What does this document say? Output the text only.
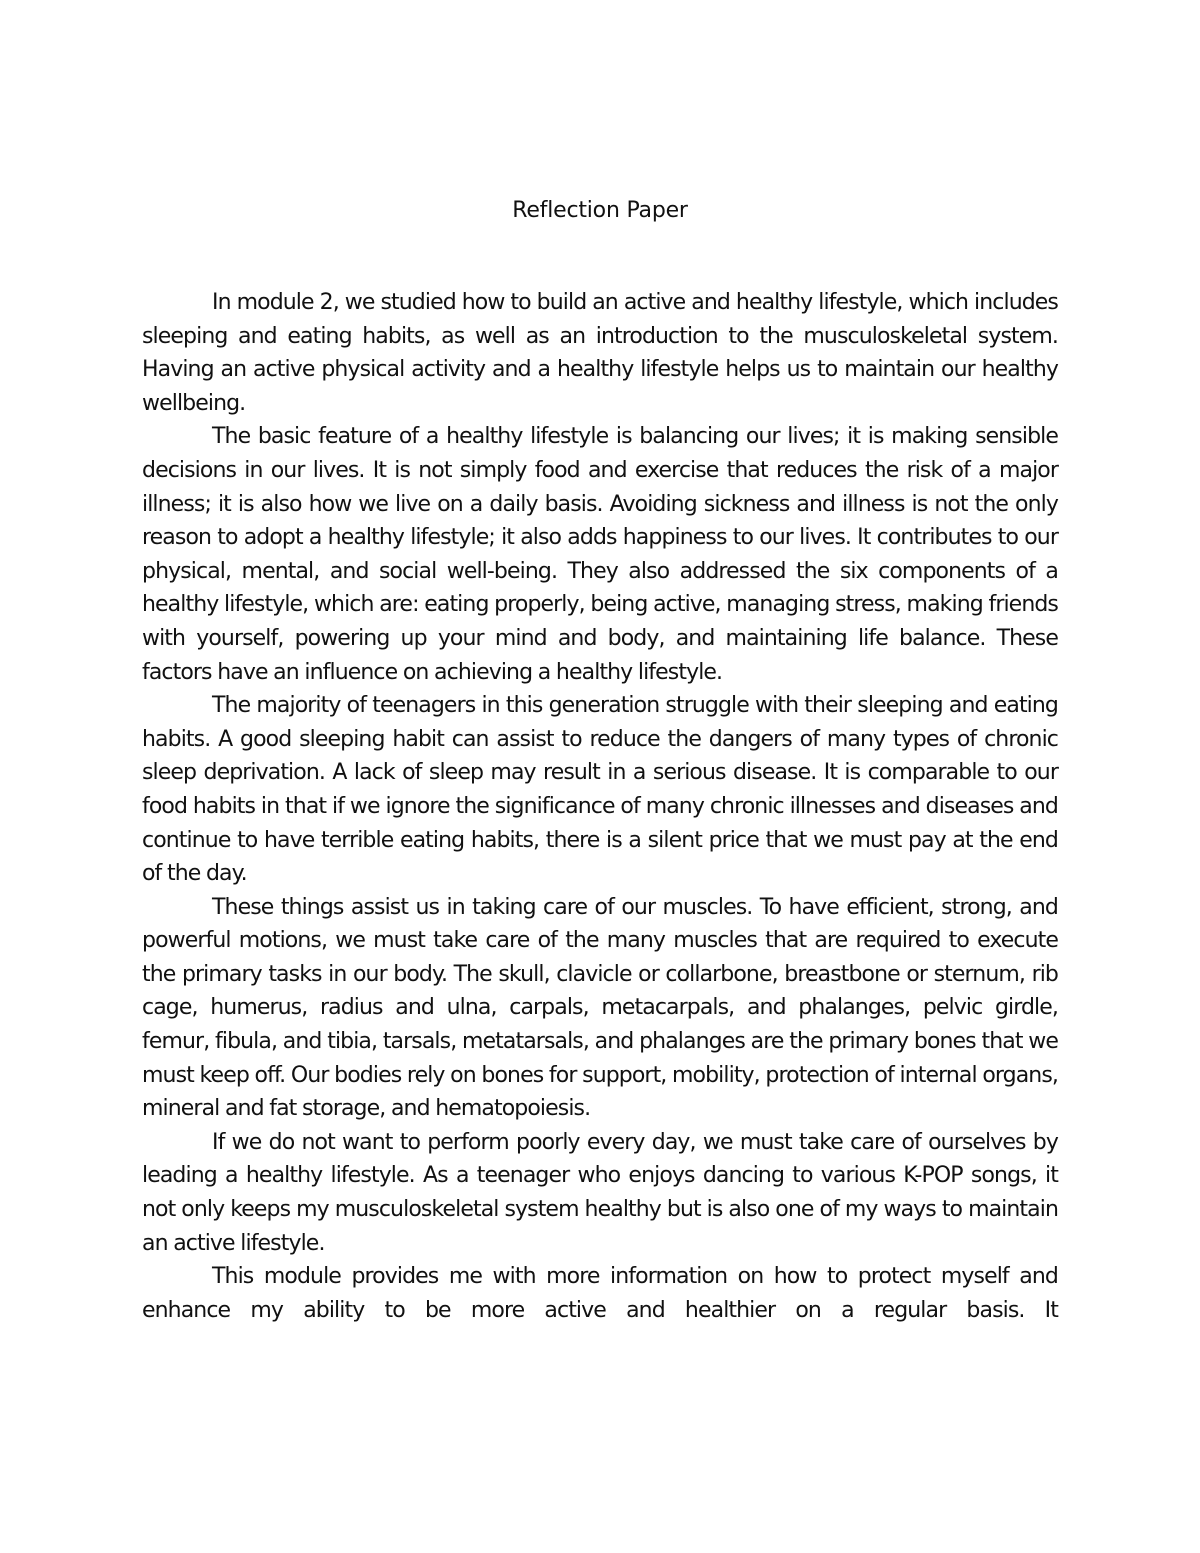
Reflection Paper

In module 2, we studied how to build an active and healthy lifestyle, which includes sleeping and eating habits, as well as an introduction to the musculoskeletal system. Having an active physical activity and a healthy lifestyle helps us to maintain our healthy wellbeing.

The basic feature of a healthy lifestyle is balancing our lives; it is making sensible decisions in our lives. It is not simply food and exercise that reduces the risk of a major illness; it is also how we live on a daily basis. Avoiding sickness and illness is not the only reason to adopt a healthy lifestyle; it also adds happiness to our lives. It contributes to our physical, mental, and social well-being. They also addressed the six components of a healthy lifestyle, which are: eating properly, being active, managing stress, making friends with yourself, powering up your mind and body, and maintaining life balance. These factors have an influence on achieving a healthy lifestyle.

The majority of teenagers in this generation struggle with their sleeping and eating habits. A good sleeping habit can assist to reduce the dangers of many types of chronic sleep deprivation. A lack of sleep may result in a serious disease. It is comparable to our food habits in that if we ignore the significance of many chronic illnesses and diseases and continue to have terrible eating habits, there is a silent price that we must pay at the end of the day.

These things assist us in taking care of our muscles. To have efficient, strong, and powerful motions, we must take care of the many muscles that are required to execute the primary tasks in our body. The skull, clavicle or collarbone, breastbone or sternum, rib cage, humerus, radius and ulna, carpals, metacarpals, and phalanges, pelvic girdle, femur, fibula, and tibia, tarsals, metatarsals, and phalanges are the primary bones that we must keep off. Our bodies rely on bones for support, mobility, protection of internal organs, mineral and fat storage, and hematopoiesis.

If we do not want to perform poorly every day, we must take care of ourselves by leading a healthy lifestyle. As a teenager who enjoys dancing to various K-POP songs, it not only keeps my musculoskeletal system healthy but is also one of my ways to maintain an active lifestyle.

This module provides me with more information on how to protect myself and enhance my ability to be more active and healthier on a regular basis. It
